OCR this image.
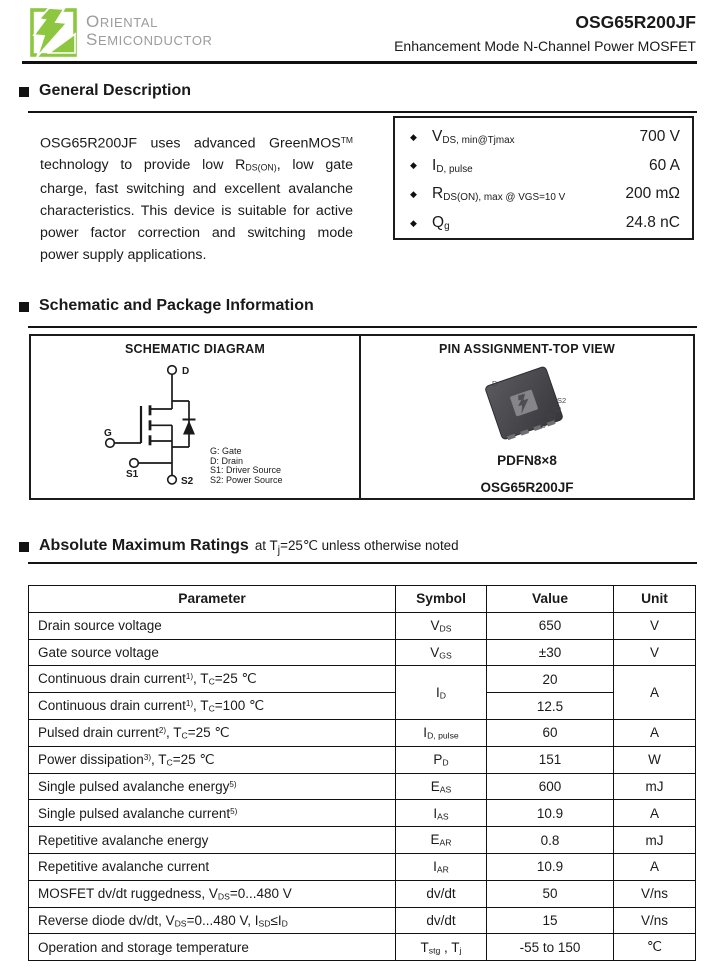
ORIENTAL
SEMICONDUCTOR
OSG65R200JF
Enhancement Mode N-Channel Power MOSFET
General Description
OSG65R200JF uses advanced GreenMOS™ technology to provide low $R_{DS(ON)}$, low gate charge, fast switching and excellent avalanche characteristics. This device is suitable for active power factor correction and switching mode power supply applications.
◆ $V_{DS, min@Tjmax}$	700 V
◆ $I_{D, pulse}$	60 A
◆ $R_{DS(ON), max @ VGS=10 V}$	200 mΩ
◆ $Q_g$	24.8 nC
Schematic and Package Information
SCHEMATIC DIAGRAM
D
G
S1
S2
G: Gate
D: Drain
S1: Driver Source
S2: Power Source
PIN ASSIGNMENT-TOP VIEW
D
S2
S2
S1
G
PDFN8×8
OSG65R200JF
Absolute Maximum Ratings at $T_j=25℃$ unless otherwise noted
Parameter	Symbol	Value	Unit
Drain source voltage	$V_{DS}$	650	V
Gate source voltage	$V_{GS}$	±30	V
Continuous drain current$^{1)}$, $T_C=25$ ℃	$I_D$	20	A
Continuous drain current$^{1)}$, $T_C=100$ ℃		12.5	
Pulsed drain current$^{2)}$, $T_C=25$ ℃	$I_{D, pulse}$	60	A
Power dissipation$^{3)}$, $T_C=25$ ℃	$P_D$	151	W
Single pulsed avalanche energy$^{5)}$	$E_{AS}$	600	mJ
Single pulsed avalanche current$^{5)}$	$I_{AS}$	10.9	A
Repetitive avalanche energy	$E_{AR}$	0.8	mJ
Repetitive avalanche current	$I_{AR}$	10.9	A
MOSFET dv/dt ruggedness, $V_{DS}=0...480$ V	dv/dt	50	V/ns
Reverse diode dv/dt, $V_{DS}=0...480$ V, $I_{SD}\le I_D$	dv/dt	15	V/ns
Operation and storage temperature	$T_{stg}$ , $T_j$	-55 to 150	℃
